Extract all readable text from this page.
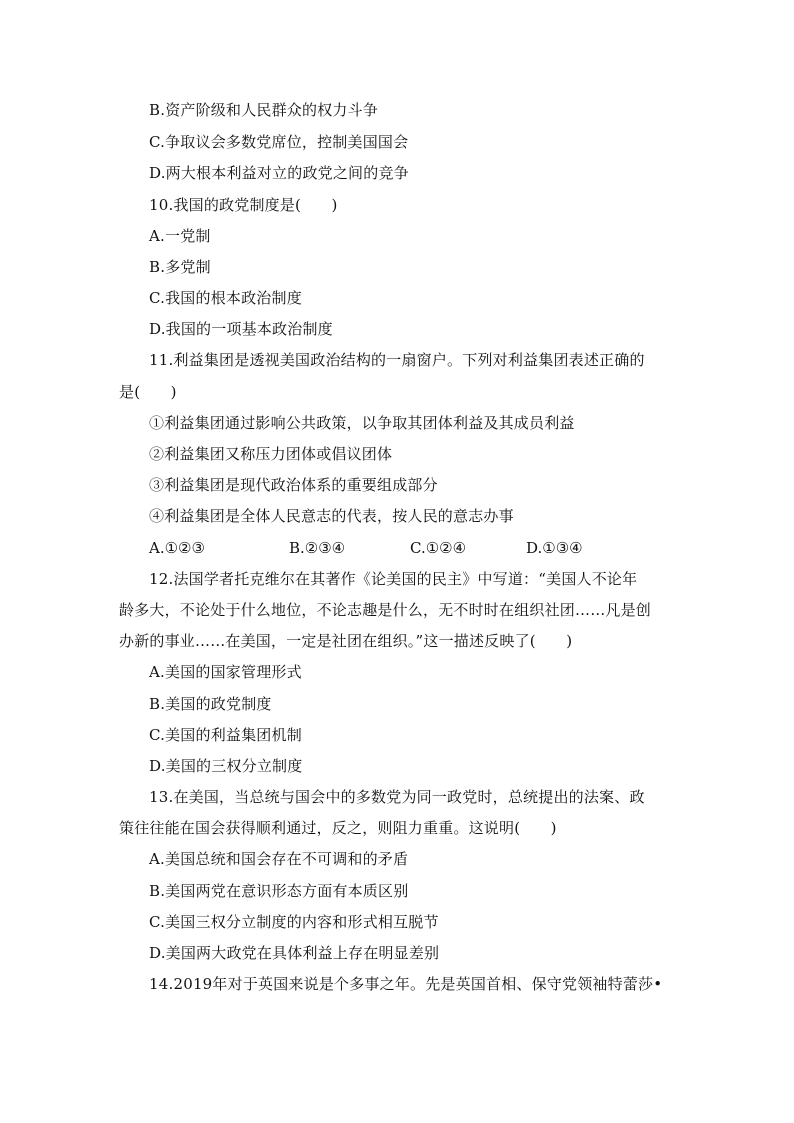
B.资产阶级和人民群众的权力斗争
C.争取议会多数党席位，控制美国国会
D.两大根本利益对立的政党之间的竞争
10.我国的政党制度是(　　)
A.一党制
B.多党制
C.我国的根本政治制度
D.我国的一项基本政治制度
11.利益集团是透视美国政治结构的一扇窗户。下列对利益集团表述正确的
是(　　)
①利益集团通过影响公共政策，以争取其团体利益及其成员利益
②利益集团又称压力团体或倡议团体
③利益集团是现代政治体系的重要组成部分
④利益集团是全体人民意志的代表，按人民的意志办事
A.①②③	B.②③④	C.①②④	D.①③④
12.法国学者托克维尔在其著作《论美国的民主》中写道：“美国人不论年
龄多大，不论处于什么地位，不论志趣是什么，无不时时在组织社团……凡是创
办新的事业……在美国，一定是社团在组织。”这一描述反映了(　　)
A.美国的国家管理形式
B.美国的政党制度
C.美国的利益集团机制
D.美国的三权分立制度
13.在美国，当总统与国会中的多数党为同一政党时，总统提出的法案、政
策往往能在国会获得顺利通过，反之，则阻力重重。这说明(　　)
A.美国总统和国会存在不可调和的矛盾
B.美国两党在意识形态方面有本质区别
C.美国三权分立制度的内容和形式相互脱节
D.美国两大政党在具体利益上存在明显差别
14.2019年对于英国来说是个多事之年。先是英国首相、保守党领袖特蕾莎•
